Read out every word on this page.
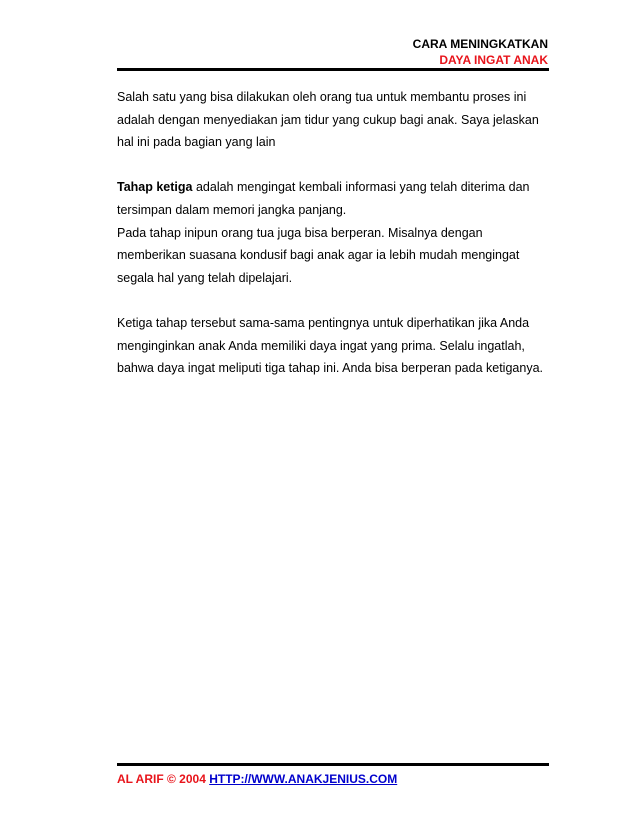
CARA MENINGKATKAN
DAYA INGAT ANAK

Salah satu yang bisa dilakukan oleh orang tua untuk membantu proses ini adalah dengan menyediakan jam tidur yang cukup bagi anak. Saya jelaskan hal ini pada bagian yang lain

Tahap ketiga adalah mengingat kembali informasi yang telah diterima dan tersimpan dalam memori jangka panjang.
Pada tahap inipun orang tua juga bisa berperan. Misalnya dengan memberikan suasana kondusif bagi anak agar ia lebih mudah mengingat segala hal yang telah dipelajari.

Ketiga tahap tersebut sama-sama pentingnya untuk diperhatikan jika Anda menginginkan anak Anda memiliki daya ingat yang prima. Selalu ingatlah, bahwa daya ingat meliputi tiga tahap ini. Anda bisa berperan pada ketiganya.

AL ARIF © 2004 HTTP://WWW.ANAKJENIUS.COM
